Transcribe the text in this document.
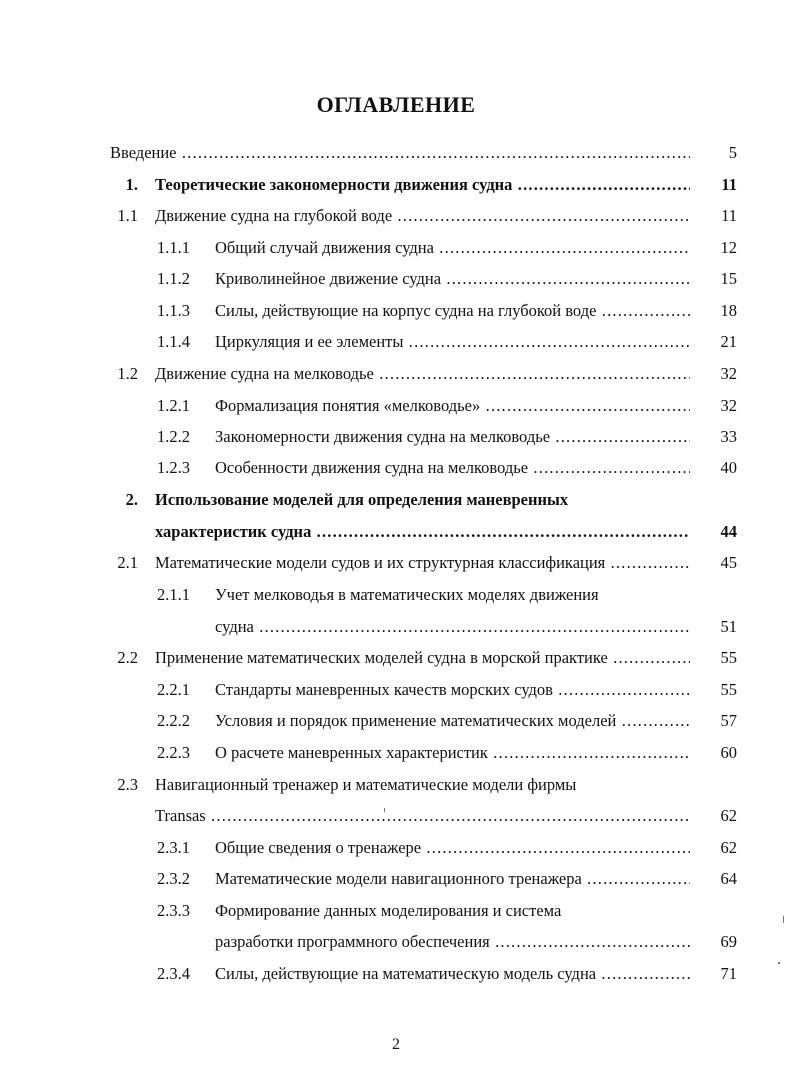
ОГЛАВЛЕНИЕ
Введение .....	5
1. Теоретические закономерности движения судна .....	11
1.1 Движение судна на глубокой воде .....	11
1.1.1 Общий случай движения судна .....	12
1.1.2 Криволинейное движение судна .....	15
1.1.3 Силы, действующие на корпус судна на глубокой воде .....	18
1.1.4 Циркуляция и ее элементы .....	21
1.2 Движение судна на мелководье .....	32
1.2.1 Формализация понятия «мелководье» .....	32
1.2.2 Закономерности движения судна на мелководье .....	33
1.2.3 Особенности движения судна на мелководье .....	40
2. Использование моделей для определения маневренных
характеристик судна .....	44
2.1 Математические модели судов и их структурная классификация .....	45
2.1.1 Учет мелководья в математических моделях движения
судна .....	51
2.2 Применение математических моделей судна в морской практике .....	55
2.2.1 Стандарты маневренных качеств морских судов .....	55
2.2.2 Условия и порядок применение математических моделей .....	57
2.2.3 О расчете маневренных характеристик .....	60
2.3 Навигационный тренажер и математические модели фирмы
Transas .....	62
2.3.1 Общие сведения о тренажере .....	62
2.3.2 Математические модели навигационного тренажера .....	64
2.3.3 Формирование данных моделирования и система
разработки программного обеспечения .....	69
2.3.4 Силы, действующие на математическую модель судна .....	71
2
